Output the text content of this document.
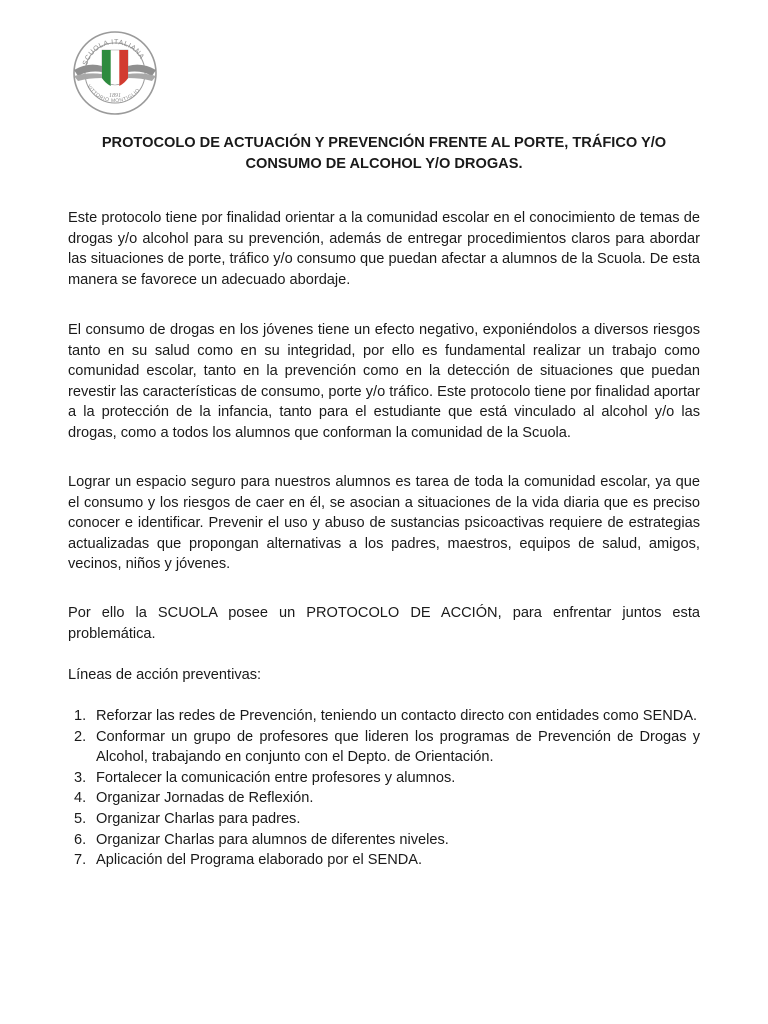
SCUOLA ITALIANA
VITTORIO MONTIGLIO
1891
PROTOCOLO DE ACTUACIÓN Y PREVENCIÓN FRENTE AL PORTE, TRÁFICO Y/O CONSUMO DE ALCOHOL Y/O DROGAS.

Este protocolo tiene por finalidad orientar a la comunidad escolar en el conocimiento de temas de drogas y/o alcohol para su prevención, además de entregar procedimientos claros para abordar las situaciones de porte, tráfico y/o consumo que puedan afectar a alumnos de la Scuola. De esta manera se favorece un adecuado abordaje.

El consumo de drogas en los jóvenes tiene un efecto negativo, exponiéndolos a diversos riesgos tanto en su salud como en su integridad, por ello es fundamental realizar un trabajo como comunidad escolar, tanto en la prevención como en la detección de situaciones que puedan revestir las características de consumo, porte y/o tráfico. Este protocolo tiene por finalidad aportar a la protección de la infancia, tanto para el estudiante que está vinculado al alcohol y/o las drogas, como a todos los alumnos que conforman la comunidad de la Scuola.

Lograr un espacio seguro para nuestros alumnos es tarea de toda la comunidad escolar, ya que el consumo y los riesgos de caer en él, se asocian a situaciones de la vida diaria que es preciso conocer e identificar. Prevenir el uso y abuso de sustancias psicoactivas requiere de estrategias actualizadas que propongan alternativas a los padres, maestros, equipos de salud, amigos, vecinos, niños y jóvenes.

Por ello la SCUOLA posee un PROTOCOLO DE ACCIÓN, para enfrentar juntos esta problemática.

Líneas de acción preventivas:

1. Reforzar las redes de Prevención, teniendo un contacto directo con entidades como SENDA.
2. Conformar un grupo de profesores que lideren los programas de Prevención de Drogas y Alcohol, trabajando en conjunto con el Depto. de Orientación.
3. Fortalecer la comunicación entre profesores y alumnos.
4. Organizar Jornadas de Reflexión.
5. Organizar Charlas para padres.
6. Organizar Charlas para alumnos de diferentes niveles.
7. Aplicación del Programa elaborado por el SENDA.
